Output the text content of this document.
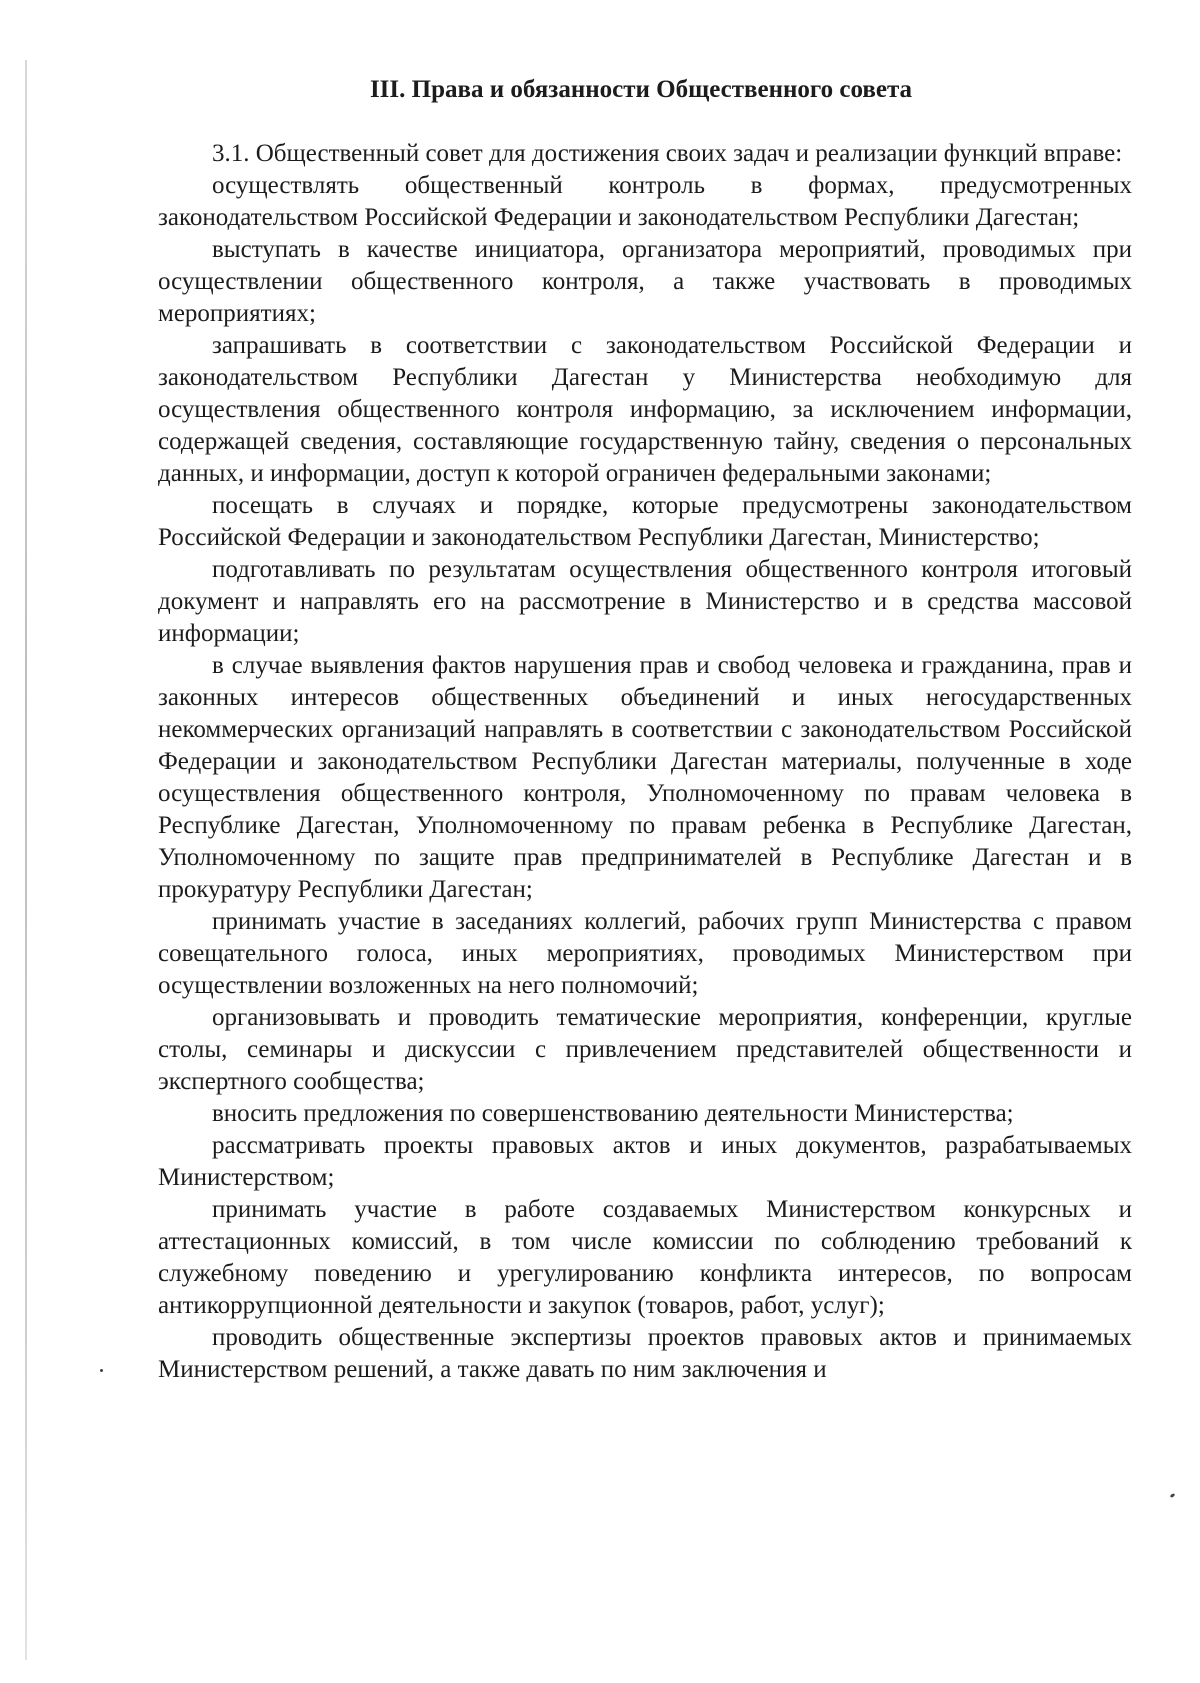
III. Права и обязанности Общественного совета

3.1. Общественный совет для достижения своих задач и реализации функций вправе:

осуществлять общественный контроль в формах, предусмотренных законодательством Российской Федерации и законодательством Республики Дагестан;

выступать в качестве инициатора, организатора мероприятий, проводимых при осуществлении общественного контроля, а также участвовать в проводимых мероприятиях;

запрашивать в соответствии с законодательством Российской Федерации и законодательством Республики Дагестан у Министерства необходимую для осуществления общественного контроля информацию, за исключением информации, содержащей сведения, составляющие государственную тайну, сведения о персональных данных, и информации, доступ к которой ограничен федеральными законами;

посещать в случаях и порядке, которые предусмотрены законодательством Российской Федерации и законодательством Республики Дагестан, Министерство;

подготавливать по результатам осуществления общественного контроля итоговый документ и направлять его на рассмотрение в Министерство и в средства массовой информации;

в случае выявления фактов нарушения прав и свобод человека и гражданина, прав и законных интересов общественных объединений и иных негосударственных некоммерческих организаций направлять в соответствии с законодательством Российской Федерации и законодательством Республики Дагестан материалы, полученные в ходе осуществления общественного контроля, Уполномоченному по правам человека в Республике Дагестан, Уполномоченному по правам ребенка в Республике Дагестан, Уполномоченному по защите прав предпринимателей в Республике Дагестан и в прокуратуру Республики Дагестан;

принимать участие в заседаниях коллегий, рабочих групп Министерства с правом совещательного голоса, иных мероприятиях, проводимых Министерством при осуществлении возложенных на него полномочий;

организовывать и проводить тематические мероприятия, конференции, круглые столы, семинары и дискуссии с привлечением представителей общественности и экспертного сообщества;

вносить предложения по совершенствованию деятельности Министерства;

рассматривать проекты правовых актов и иных документов, разрабатываемых Министерством;

принимать участие в работе создаваемых Министерством конкурсных и аттестационных комиссий, в том числе комиссии по соблюдению требований к служебному поведению и урегулированию конфликта интересов, по вопросам антикоррупционной деятельности и закупок (товаров, работ, услуг);

проводить общественные экспертизы проектов правовых актов и принимаемых Министерством решений, а также давать по ним заключения и
